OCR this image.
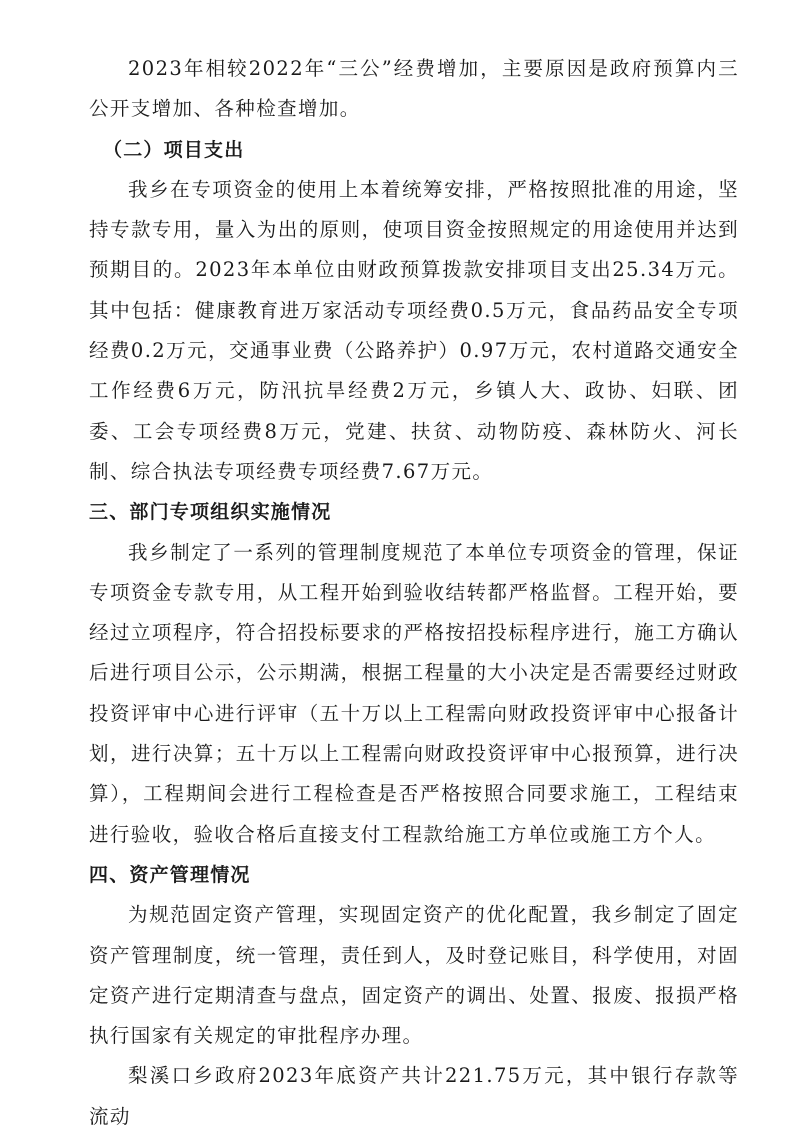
2023年相较2022年“三公”经费增加，主要原因是政府预算内三公开支增加、各种检查增加。

（二）项目支出

我乡在专项资金的使用上本着统筹安排，严格按照批准的用途，坚持专款专用，量入为出的原则，使项目资金按照规定的用途使用并达到预期目的。2023年本单位由财政预算拨款安排项目支出25.34万元。其中包括：健康教育进万家活动专项经费0.5万元，食品药品安全专项经费0.2万元，交通事业费（公路养护）0.97万元，农村道路交通安全工作经费6万元，防汛抗旱经费2万元，乡镇人大、政协、妇联、团委、工会专项经费8万元，党建、扶贫、动物防疫、森林防火、河长制、综合执法专项经费专项经费7.67万元。

三、部门专项组织实施情况

我乡制定了一系列的管理制度规范了本单位专项资金的管理，保证专项资金专款专用，从工程开始到验收结转都严格监督。工程开始，要经过立项程序，符合招投标要求的严格按招投标程序进行，施工方确认后进行项目公示，公示期满，根据工程量的大小决定是否需要经过财政投资评审中心进行评审（五十万以上工程需向财政投资评审中心报备计划，进行决算；五十万以上工程需向财政投资评审中心报预算，进行决算），工程期间会进行工程检查是否严格按照合同要求施工，工程结束进行验收，验收合格后直接支付工程款给施工方单位或施工方个人。

四、资产管理情况

为规范固定资产管理，实现固定资产的优化配置，我乡制定了固定资产管理制度，统一管理，责任到人，及时登记账目，科学使用，对固定资产进行定期清查与盘点，固定资产的调出、处置、报废、报损严格执行国家有关规定的审批程序办理。

梨溪口乡政府2023年底资产共计221.75万元，其中银行存款等流动
